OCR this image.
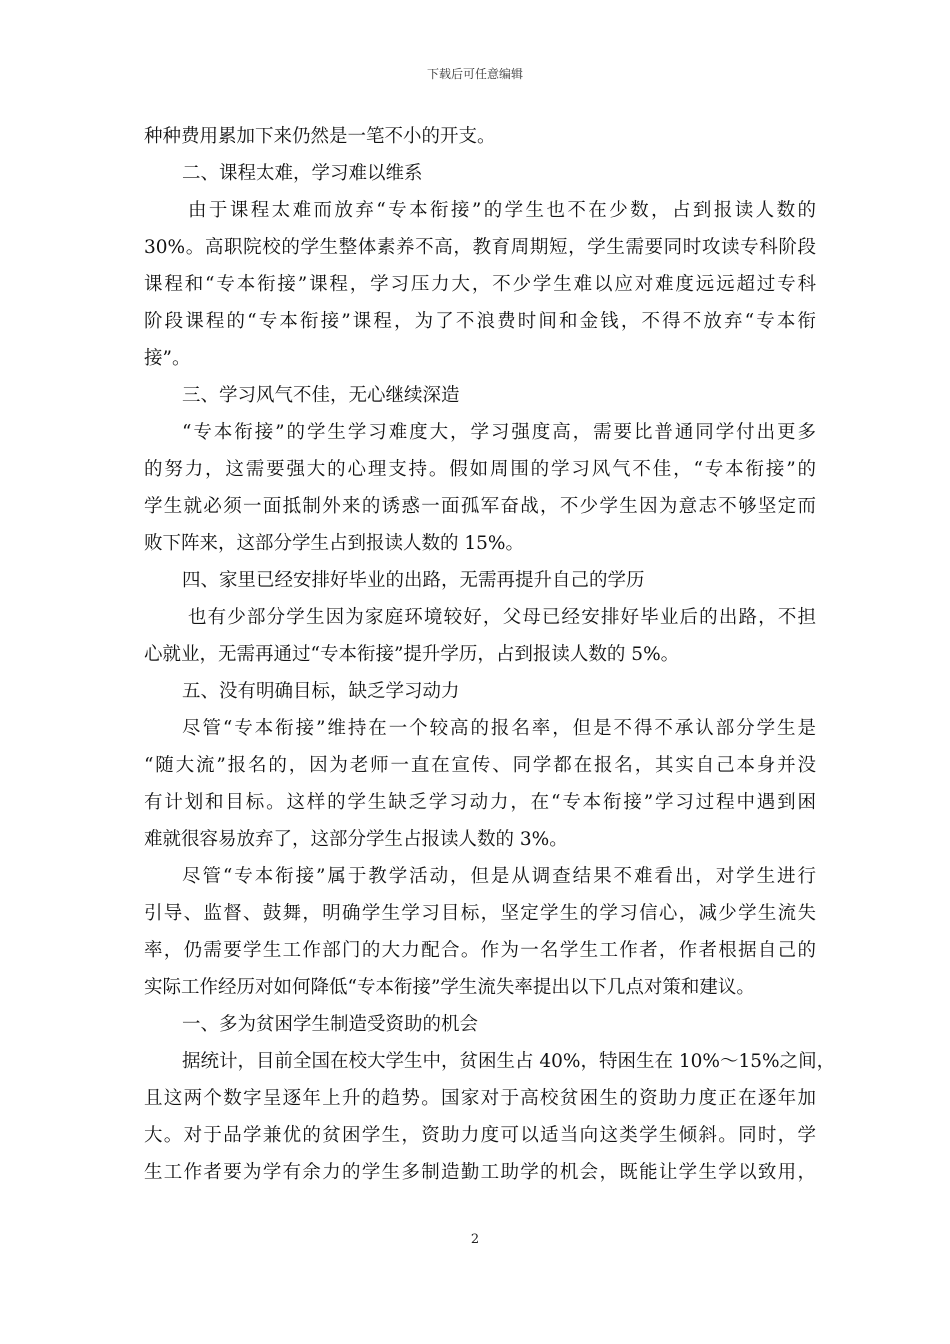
下载后可任意编辑
种种费用累加下来仍然是一笔不小的开支。
二、课程太难，学习难以维系
由于课程太难而放弃“专本衔接”的学生也不在少数，占到报读人数的
30%。高职院校的学生整体素养不高，教育周期短，学生需要同时攻读专科阶段
课程和“专本衔接”课程，学习压力大，不少学生难以应对难度远远超过专科
阶段课程的“专本衔接”课程，为了不浪费时间和金钱，不得不放弃“专本衔
接”。
三、学习风气不佳，无心继续深造
“专本衔接”的学生学习难度大，学习强度高，需要比普通同学付出更多
的努力，这需要强大的心理支持。假如周围的学习风气不佳，“专本衔接”的
学生就必须一面抵制外来的诱惑一面孤军奋战，不少学生因为意志不够坚定而
败下阵来，这部分学生占到报读人数的 15%。
四、家里已经安排好毕业的出路，无需再提升自己的学历
也有少部分学生因为家庭环境较好，父母已经安排好毕业后的出路，不担
心就业，无需再通过“专本衔接”提升学历，占到报读人数的 5%。
五、没有明确目标，缺乏学习动力
尽管“专本衔接”维持在一个较高的报名率，但是不得不承认部分学生是
“随大流”报名的，因为老师一直在宣传、同学都在报名，其实自己本身并没
有计划和目标。这样的学生缺乏学习动力，在“专本衔接”学习过程中遇到困
难就很容易放弃了，这部分学生占报读人数的 3%。
尽管“专本衔接”属于教学活动，但是从调查结果不难看出，对学生进行
引导、监督、鼓舞，明确学生学习目标，坚定学生的学习信心，减少学生流失
率，仍需要学生工作部门的大力配合。作为一名学生工作者，作者根据自己的
实际工作经历对如何降低“专本衔接”学生流失率提出以下几点对策和建议。
一、多为贫困学生制造受资助的机会
据统计，目前全国在校大学生中，贫困生占 40%，特困生在 10%～15%之间，
且这两个数字呈逐年上升的趋势。国家对于高校贫困生的资助力度正在逐年加
大。对于品学兼优的贫困学生，资助力度可以适当向这类学生倾斜。同时，学
生工作者要为学有余力的学生多制造勤工助学的机会，既能让学生学以致用，
2
